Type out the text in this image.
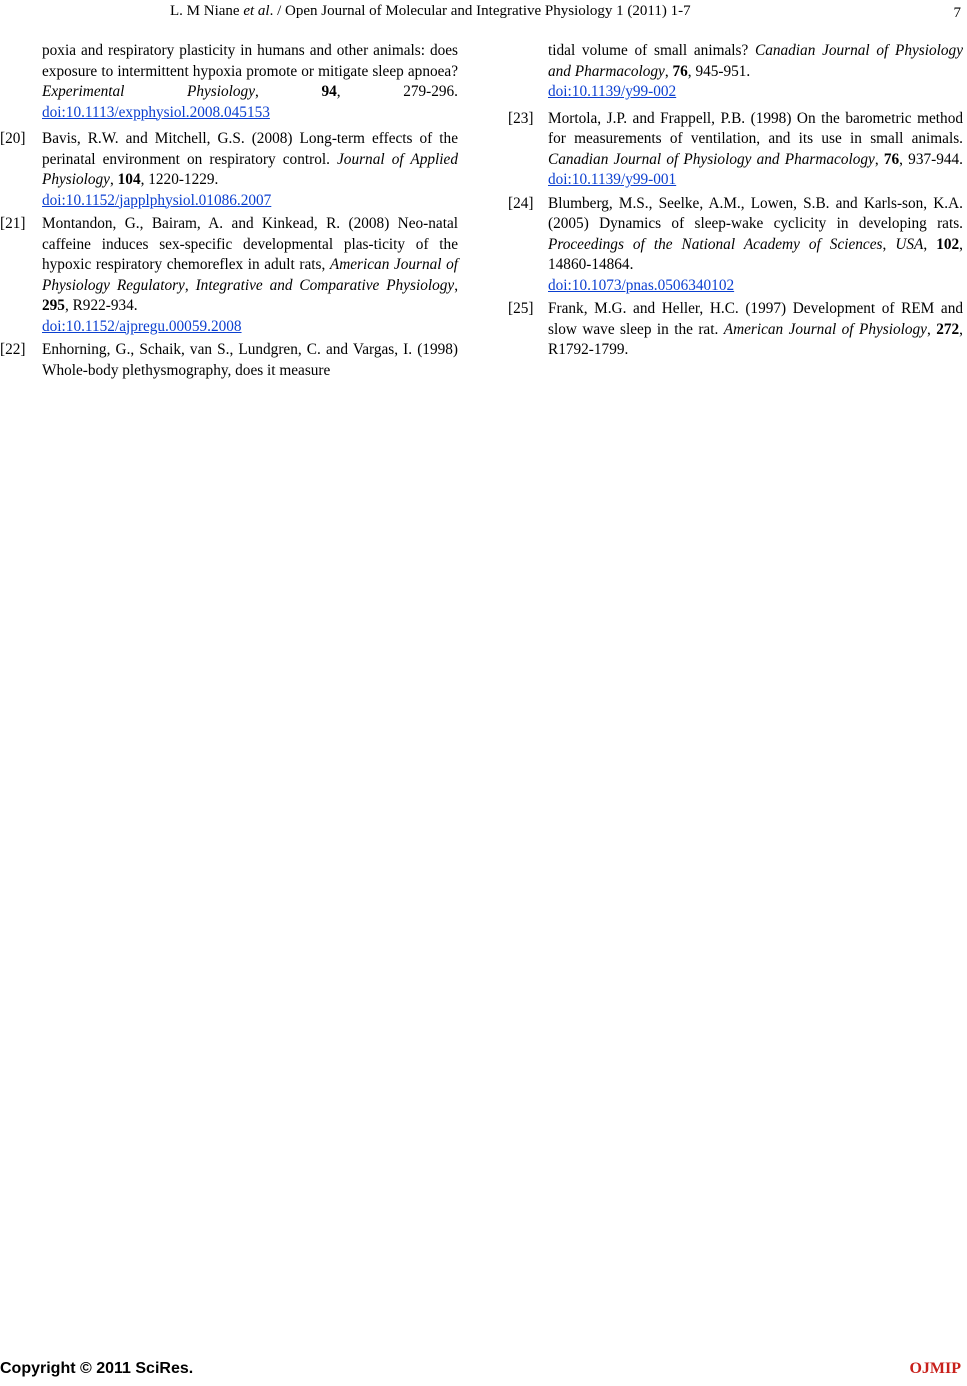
L. M Niane et al. / Open Journal of Molecular and Integrative Physiology 1 (2011) 1-7	7
poxia and respiratory plasticity in humans and other animals: does exposure to intermittent hypoxia promote or mitigate sleep apnoea? Experimental Physiology, 94, 279-296. doi:10.1113/expphysiol.2008.045153
[20] Bavis, R.W. and Mitchell, G.S. (2008) Long-term effects of the perinatal environment on respiratory control. Journal of Applied Physiology, 104, 1220-1229.
doi:10.1152/japplphysiol.01086.2007
[21] Montandon, G., Bairam, A. and Kinkead, R. (2008) Neo-natal caffeine induces sex-specific developmental plas-ticity of the hypoxic respiratory chemoreflex in adult rats, American Journal of Physiology Regulatory, Integrative and Comparative Physiology, 295, R922-934.
doi:10.1152/ajpregu.00059.2008
[22] Enhorning, G., Schaik, van S., Lundgren, C. and Vargas, I. (1998) Whole-body plethysmography, does it measure
tidal volume of small animals? Canadian Journal of Physiology and Pharmacology, 76, 945-951.
doi:10.1139/y99-002
[23] Mortola, J.P. and Frappell, P.B. (1998) On the barometric method for measurements of ventilation, and its use in small animals. Canadian Journal of Physiology and Pharmacology, 76, 937-944. doi:10.1139/y99-001
[24] Blumberg, M.S., Seelke, A.M., Lowen, S.B. and Karls-son, K.A. (2005) Dynamics of sleep-wake cyclicity in developing rats. Proceedings of the National Academy of Sciences, USA, 102, 14860-14864.
doi:10.1073/pnas.0506340102
[25] Frank, M.G. and Heller, H.C. (1997) Development of REM and slow wave sleep in the rat. American Journal of Physiology, 272, R1792-1799.
Copyright © 2011 SciRes.	OJMIP
